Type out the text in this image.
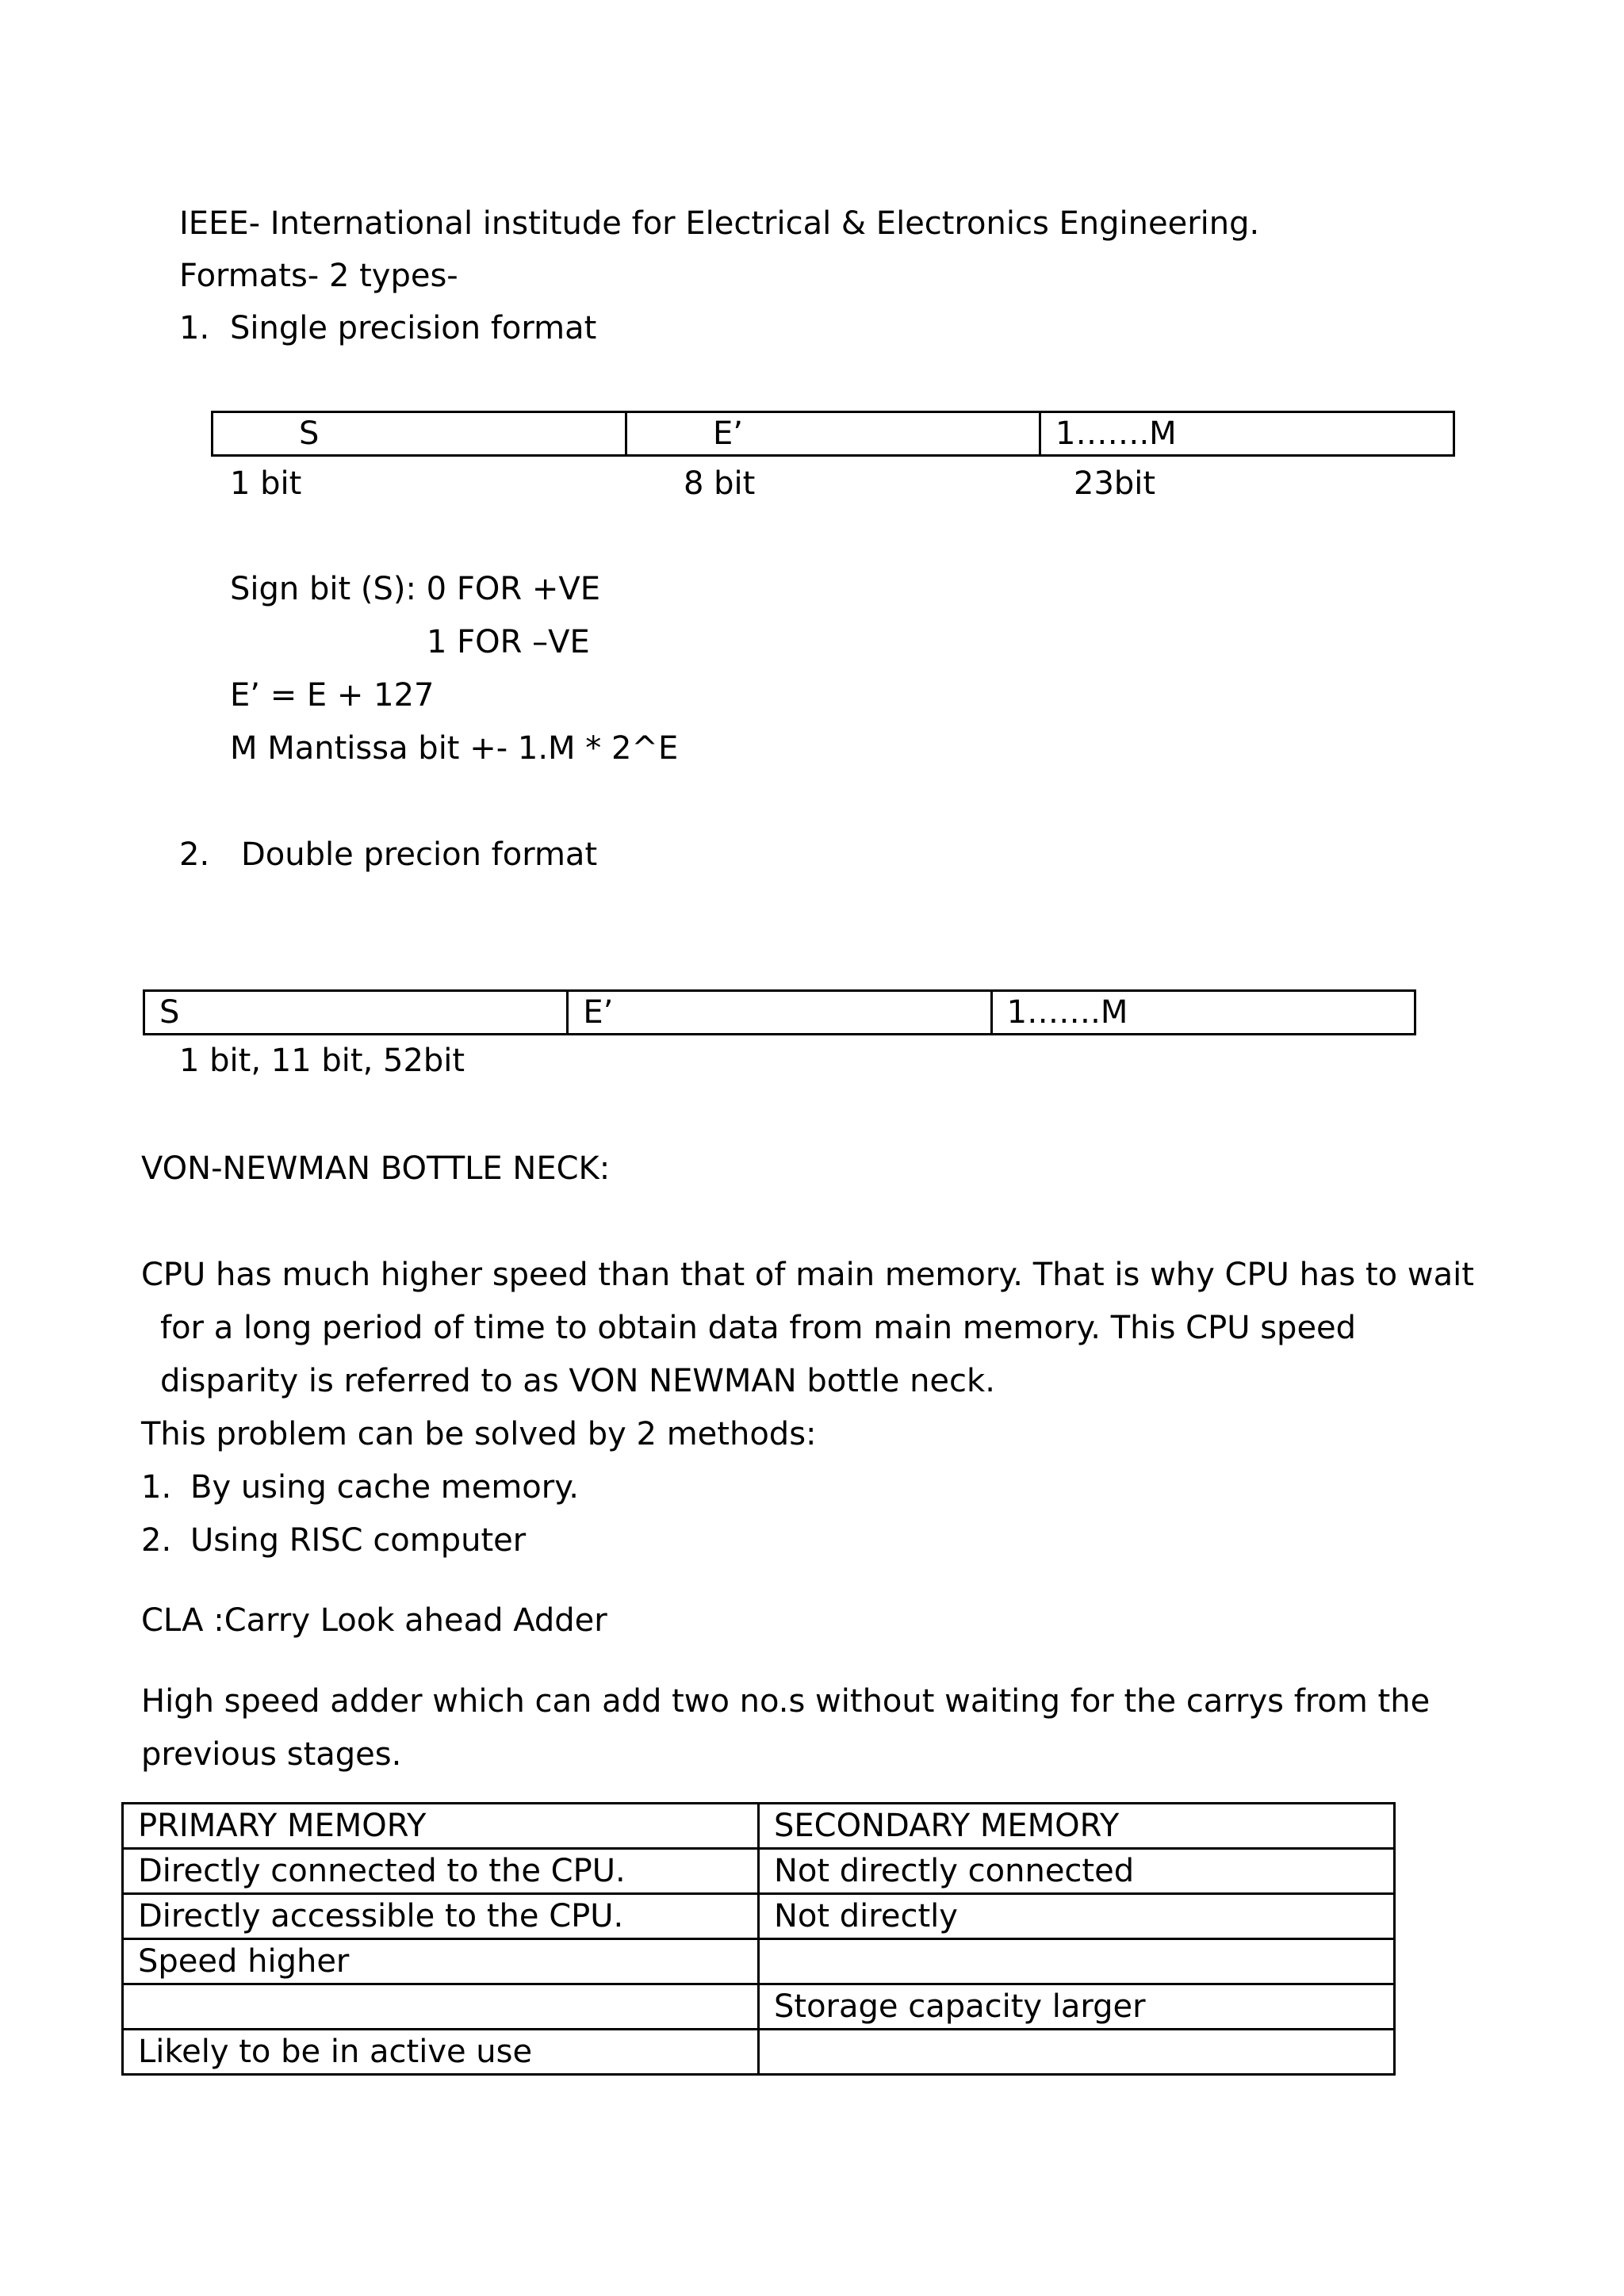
IEEE- International institude for Electrical & Electronics Engineering.
Formats- 2 types-
1. Single precision format
S	E’	1…….M
1 bit	8 bit	23bit
Sign bit (S): 0 FOR +VE
1 FOR –VE
E’ = E + 127
M Mantissa bit +- 1.M * 2^E
2. Double precion format
S	E’	1…….M
1 bit, 11 bit, 52bit
VON-NEWMAN BOTTLE NECK:
CPU has much higher speed than that of main memory. That is why CPU has to wait
for a long period of time to obtain data from main memory. This CPU speed
disparity is referred to as VON NEWMAN bottle neck.
This problem can be solved by 2 methods:
1. By using cache memory.
2. Using RISC computer
CLA :Carry Look ahead Adder
High speed adder which can add two no.s without waiting for the carrys from the
previous stages.
PRIMARY MEMORY	SECONDARY MEMORY
Directly connected to the CPU.	Not directly connected
Directly accessible to the CPU.	Not directly
Speed higher	
	Storage capacity larger
Likely to be in active use	
